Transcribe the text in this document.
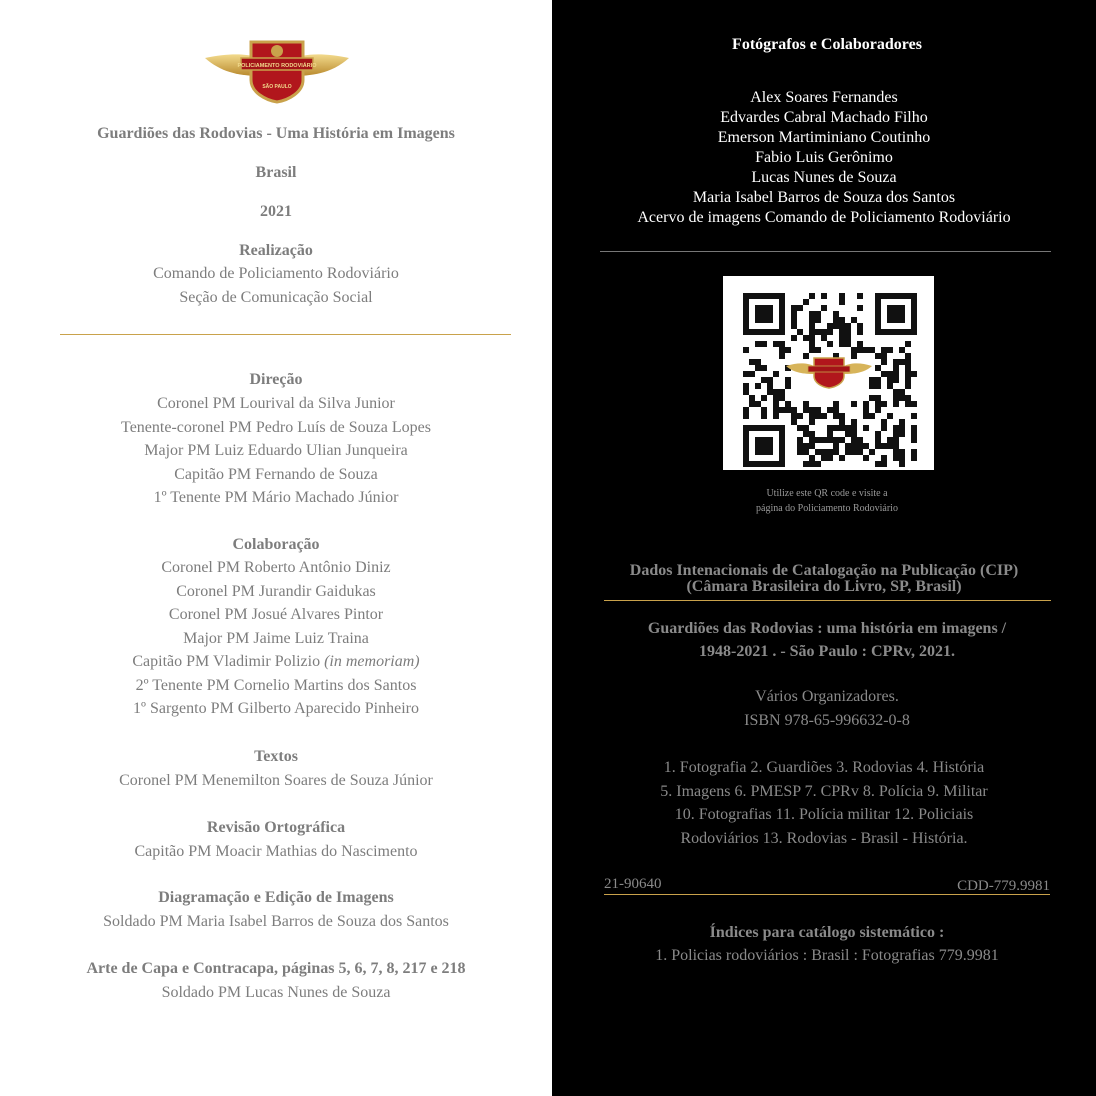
POLICIAMENTO RODOVIÁRIO
SÃO PAULO
Guardiões das Rodovias - Uma História em Imagens
Brasil
2021
Realização
Comando de Policiamento Rodoviário
Seção de Comunicação Social
Direção
Coronel PM Lourival da Silva Junior
Tenente-coronel PM Pedro Luís de Souza Lopes
Major PM Luiz Eduardo Ulian Junqueira
Capitão PM Fernando de Souza
1º Tenente PM Mário Machado Júnior
Colaboração
Coronel PM Roberto Antônio Diniz
Coronel PM Jurandir Gaidukas
Coronel PM Josué Alvares Pintor
Major PM Jaime Luiz Traina
Capitão PM Vladimir Polizio (in memoriam)
2º Tenente PM Cornelio Martins dos Santos
1º Sargento PM Gilberto Aparecido Pinheiro
Textos
Coronel PM Menemilton Soares de Souza Júnior
Revisão Ortográfica
Capitão PM Moacir Mathias do Nascimento
Diagramação e Edição de Imagens
Soldado PM Maria Isabel Barros de Souza dos Santos
Arte de Capa e Contracapa, páginas 5, 6, 7, 8, 217 e 218
Soldado PM Lucas Nunes de Souza
Fotógrafos e Colaboradores
Alex Soares Fernandes
Edvardes Cabral Machado Filho
Emerson Martiminiano Coutinho
Fabio Luis Gerônimo
Lucas Nunes de Souza
Maria Isabel Barros de Souza dos Santos
Acervo de imagens Comando de Policiamento Rodoviário
Utilize este QR code e visite a
página do Policiamento Rodoviário
Dados Intenacionais de Catalogação na Publicação (CIP)
(Câmara Brasileira do Livro, SP, Brasil)
Guardiões das Rodovias : uma história em imagens /
1948-2021 . - São Paulo : CPRv, 2021.
Vários Organizadores.
ISBN 978-65-996632-0-8
1. Fotografia 2. Guardiões 3. Rodovias 4. História
5. Imagens 6. PMESP 7. CPRv 8. Polícia 9. Militar
10. Fotografias 11. Polícia militar 12. Policiais
Rodoviários 13. Rodovias - Brasil - História.
21-90640	CDD-779.9981
Índices para catálogo sistemático :
1. Policias rodoviários : Brasil : Fotografias 779.9981
